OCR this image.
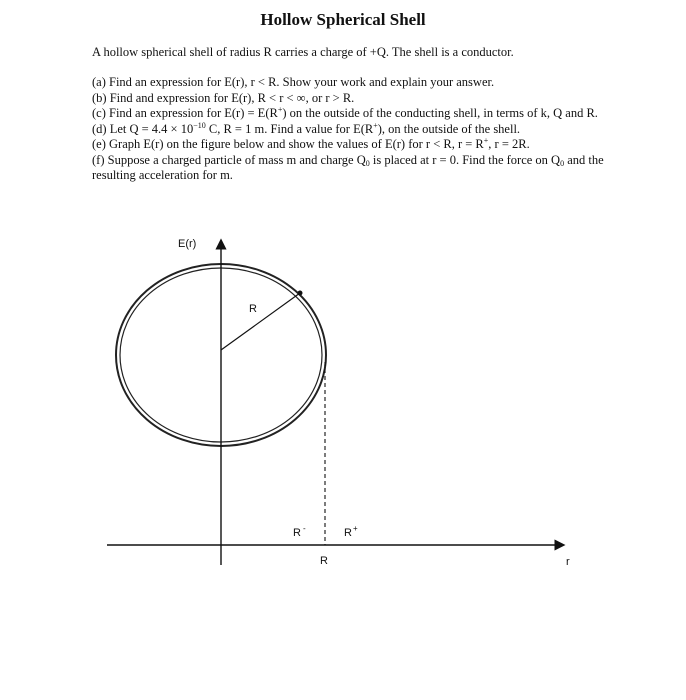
Hollow Spherical Shell
A hollow spherical shell of radius R carries a charge of +Q. The shell is a conductor.

(a) Find an expression for E(r), r < R. Show your work and explain your answer.

(b) Find and expression for E(r), R < r < ∞, or r > R.

(c) Find an expression for E(r) = E(R+) on the outside of the conducting shell, in terms of k, Q and R.

(d) Let $Q = 4.4 \times 10^{-10}$ C, R = 1 m. Find a value for E(R+), on the outside of the shell.

(e) Graph E(r) on the figure below and show the values of E(r) for r < R, r = R+, r = 2R.

(f) Suppose a charged particle of mass m and charge $Q_0$ is placed at r = 0. Find the force on $Q_0$ and the resulting acceleration for m.

E(r)
R
R -	R+
R	r
